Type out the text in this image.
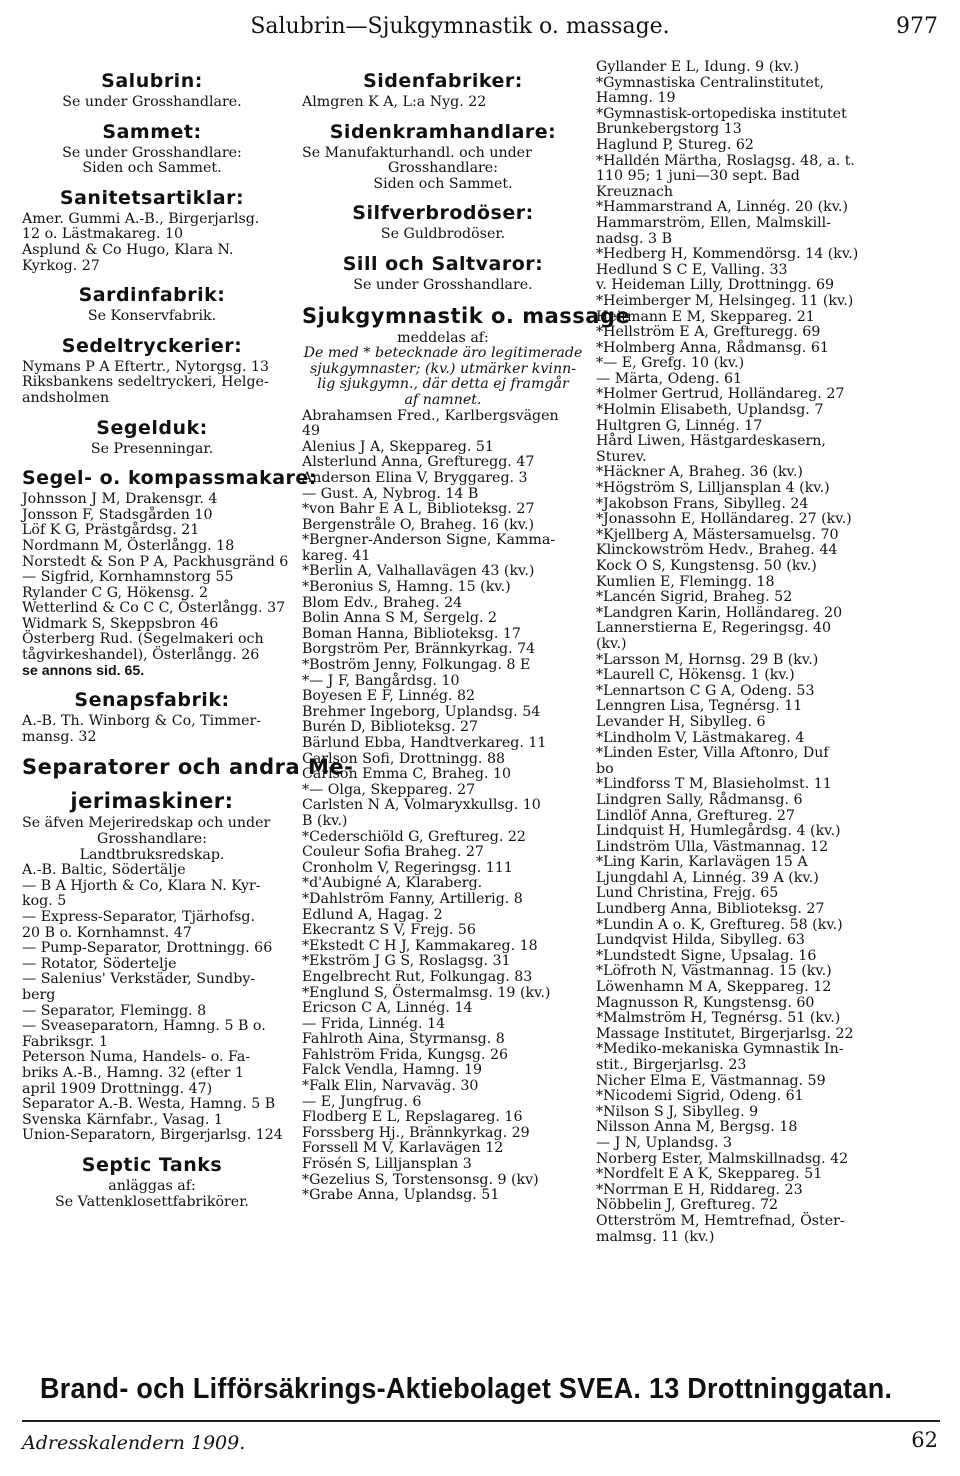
Salubrin—Sjukgymnastik o. massage.	977
Salubrin:
Se under Grosshandlare.
Sammet:
Se under Grosshandlare:
Siden och Sammet.
Sanitetsartiklar:
Amer. Gummi A.-B., Birgerjarlsg.
12 o. Lästmakareg. 10
Asplund & Co Hugo, Klara N.
Kyrkog. 27
Sardinfabrik:
Se Konservfabrik.
Sedeltryckerier:
Nymans P A Eftertr., Nytorgsg. 13
Riksbankens sedeltryckeri, Helge-
andsholmen
Segelduk:
Se Presenningar.
Segel- o. kompassmakare:
Johnsson J M, Drakensgr. 4
Jonsson F, Stadsgården 10
Löf K G, Prästgårdsg. 21
Nordmann M, Österlångg. 18
Norstedt & Son P A, Packhusgränd 6
— Sigfrid, Kornhamnstorg 55
Rylander C G, Hökensg. 2
Wetterlind & Co C C, Österlångg. 37
Widmark S, Skeppsbron 46
Österberg Rud. (Segelmakeri och
tågvirkeshandel), Österlångg. 26
se annons sid. 65.
Senapsfabrik:
A.-B. Th. Winborg & Co, Timmer-
mansg. 32
Separatorer och andra Me-
jerimaskiner:
Se äfven Mejeriredskap och under
Grosshandlare:
Landtbruksredskap.
A.-B. Baltic, Södertälje
— B A Hjorth & Co, Klara N. Kyr-
kog. 5
— Express-Separator, Tjärhofsg.
20 B o. Kornhamnst. 47
— Pump-Separator, Drottningg. 66
— Rotator, Södertelje
— Salenius' Verkstäder, Sundby-
berg
— Separator, Flemingg. 8
— Sveaseparatorn, Hamng. 5 B o.
Fabriksgr. 1
Peterson Numa, Handels- o. Fa-
briks A.-B., Hamng. 32 (efter 1
april 1909 Drottningg. 47)
Separator A.-B. Westa, Hamng. 5 B
Svenska Kärnfabr., Vasag. 1
Union-Separatorn, Birgerjarlsg. 124
Septic Tanks
anläggas af:
Se Vattenklosettfabrikörer.
Sidenfabriker:
Almgren K A, L:a Nyg. 22
Sidenkramhandlare:
Se Manufakturhandl. och under
Grosshandlare:
Siden och Sammet.
Silfverbrodöser:
Se Guldbrodöser.
Sill och Saltvaror:
Se under Grosshandlare.
Sjukgymnastik o. massage
meddelas af:
De med * betecknade äro legitimerade
sjukgymnaster; (kv.) utmärker kvinn-
lig sjukgymn., där detta ej framgår
af namnet.
Abrahamsen Fred., Karlbergsvägen
49
Alenius J A, Skeppareg. 51
Alsterlund Anna, Grefturegg. 47
Anderson Elina V, Bryggareg. 3
— Gust. A, Nybrog. 14 B
*von Bahr E A L, Biblioteksg. 27
Bergenstråle O, Braheg. 16 (kv.)
*Bergner-Anderson Signe, Kamma-
kareg. 41
*Berlin A, Valhallavägen 43 (kv.)
*Beronius S, Hamng. 15 (kv.)
Blom Edv., Braheg. 24
Bolin Anna S M, Sergelg. 2
Boman Hanna, Biblioteksg. 17
Borgström Per, Brännkyrkag. 74
*Boström Jenny, Folkungag. 8 E
*— J F, Bangårdsg. 10
Boyesen E F, Linnég. 82
Brehmer Ingeborg, Uplandsg. 54
Burén D, Biblioteksg. 27
Bärlund Ebba, Handtverkareg. 11
Carlson Sofi, Drottningg. 88
Carlson Emma C, Braheg. 10
*— Olga, Skeppareg. 27
Carlsten N A, Volmaryxkullsg. 10
B (kv.)
*Cederschiöld G, Greftureg. 22
Couleur Sofia Braheg. 27
Cronholm V, Regeringsg. 111
*d'Aubigné A, Klaraberg.
*Dahlström Fanny, Artillerig. 8
Edlund A, Hagag. 2
Ekecrantz S V, Frejg. 56
*Ekstedt C H J, Kammakareg. 18
*Ekström J G S, Roslagsg. 31
Engelbrecht Rut, Folkungag. 83
*Englund S, Östermalmsg. 19 (kv.)
Ericson C A, Linnég. 14
— Frida, Linnég. 14
Fahlroth Aina, Styrmansg. 8
Fahlström Frida, Kungsg. 26
Falck Vendla, Hamng. 19
*Falk Elin, Narvaväg. 30
— E, Jungfrug. 6
Flodberg E L, Repslagareg. 16
Forssberg Hj., Brännkyrkag. 29
Forssell M V, Karlavägen 12
Frösén S, Lilljansplan 3
*Gezelius S, Torstensonsg. 9 (kv)
*Grabe Anna, Uplandsg. 51
Gyllander E L, Idung. 9 (kv.)
*Gymnastiska Centralinstitutet,
Hamng. 19
*Gymnastisk-ortopediska institutet
Brunkebergstorg 13
Haglund P, Stureg. 62
*Halldén Märtha, Roslagsg. 48, a. t.
110 95; 1 juni—30 sept. Bad
Kreuznach
*Hammarstrand A, Linnég. 20 (kv.)
Hammarström, Ellen, Malmskill-
nadsg. 3 B
*Hedberg H, Kommendörsg. 14 (kv.)
Hedlund S C E, Valling. 33
v. Heideman Lilly, Drottningg. 69
*Heimberger M, Helsingeg. 11 (kv.)
Heitmann E M, Skeppareg. 21
*Hellström E A, Grefturegg. 69
*Holmberg Anna, Rådmansg. 61
*— E, Grefg. 10 (kv.)
— Märta, Odeng. 61
*Holmer Gertrud, Holländareg. 27
*Holmin Elisabeth, Uplandsg. 7
Hultgren G, Linnég. 17
Hård Liwen, Hästgardeskasern,
Sturev.
*Häckner A, Braheg. 36 (kv.)
*Högström S, Lilljansplan 4 (kv.)
*Jakobson Frans, Sibylleg. 24
*Jonassohn E, Holländareg. 27 (kv.)
*Kjellberg A, Mästersamuelsg. 70
Klinckowström Hedv., Braheg. 44
Kock O S, Kungstensg. 50 (kv.)
Kumlien E, Flemingg. 18
*Lancén Sigrid, Braheg. 52
*Landgren Karin, Holländareg. 20
Lannerstierna E, Regeringsg. 40
(kv.)
*Larsson M, Hornsg. 29 B (kv.)
*Laurell C, Hökensg. 1 (kv.)
*Lennartson C G A, Odeng. 53
Lenngren Lisa, Tegnérsg. 11
Levander H, Sibylleg. 6
*Lindholm V, Lästmakareg. 4
*Linden Ester, Villa Aftonro, Duf
bo
*Lindforss T M, Blasieholmst. 11
Lindgren Sally, Rådmansg. 6
Lindlöf Anna, Greftureg. 27
Lindquist H, Humlegårdsg. 4 (kv.)
Lindström Ulla, Västmannag. 12
*Ling Karin, Karlavägen 15 A
Ljungdahl A, Linnég. 39 A (kv.)
Lund Christina, Frejg. 65
Lundberg Anna, Biblioteksg. 27
*Lundin A o. K, Greftureg. 58 (kv.)
Lundqvist Hilda, Sibylleg. 63
*Lundstedt Signe, Upsalag. 16
*Löfroth N, Västmannag. 15 (kv.)
Löwenhamn M A, Skeppareg. 12
Magnusson R, Kungstensg. 60
*Malmström H, Tegnérsg. 51 (kv.)
Massage Institutet, Birgerjarlsg. 22
*Mediko-mekaniska Gymnastik In-
stit., Birgerjarlsg. 23
Nicher Elma E, Västmannag. 59
*Nicodemi Sigrid, Odeng. 61
*Nilson S J, Sibylleg. 9
Nilsson Anna M, Bergsg. 18
— J N, Uplandsg. 3
Norberg Ester, Malmskillnadsg. 42
*Nordfelt E A K, Skeppareg. 51
*Norrman E H, Riddareg. 23
Nöbbelin J, Greftureg. 72
Otterström M, Hemtrefnad, Öster-
malmsg. 11 (kv.)
Brand- och Lifförsäkrings-Aktiebolaget SVEA. 13 Drottninggatan.
Adresskalendern 1909.	62
